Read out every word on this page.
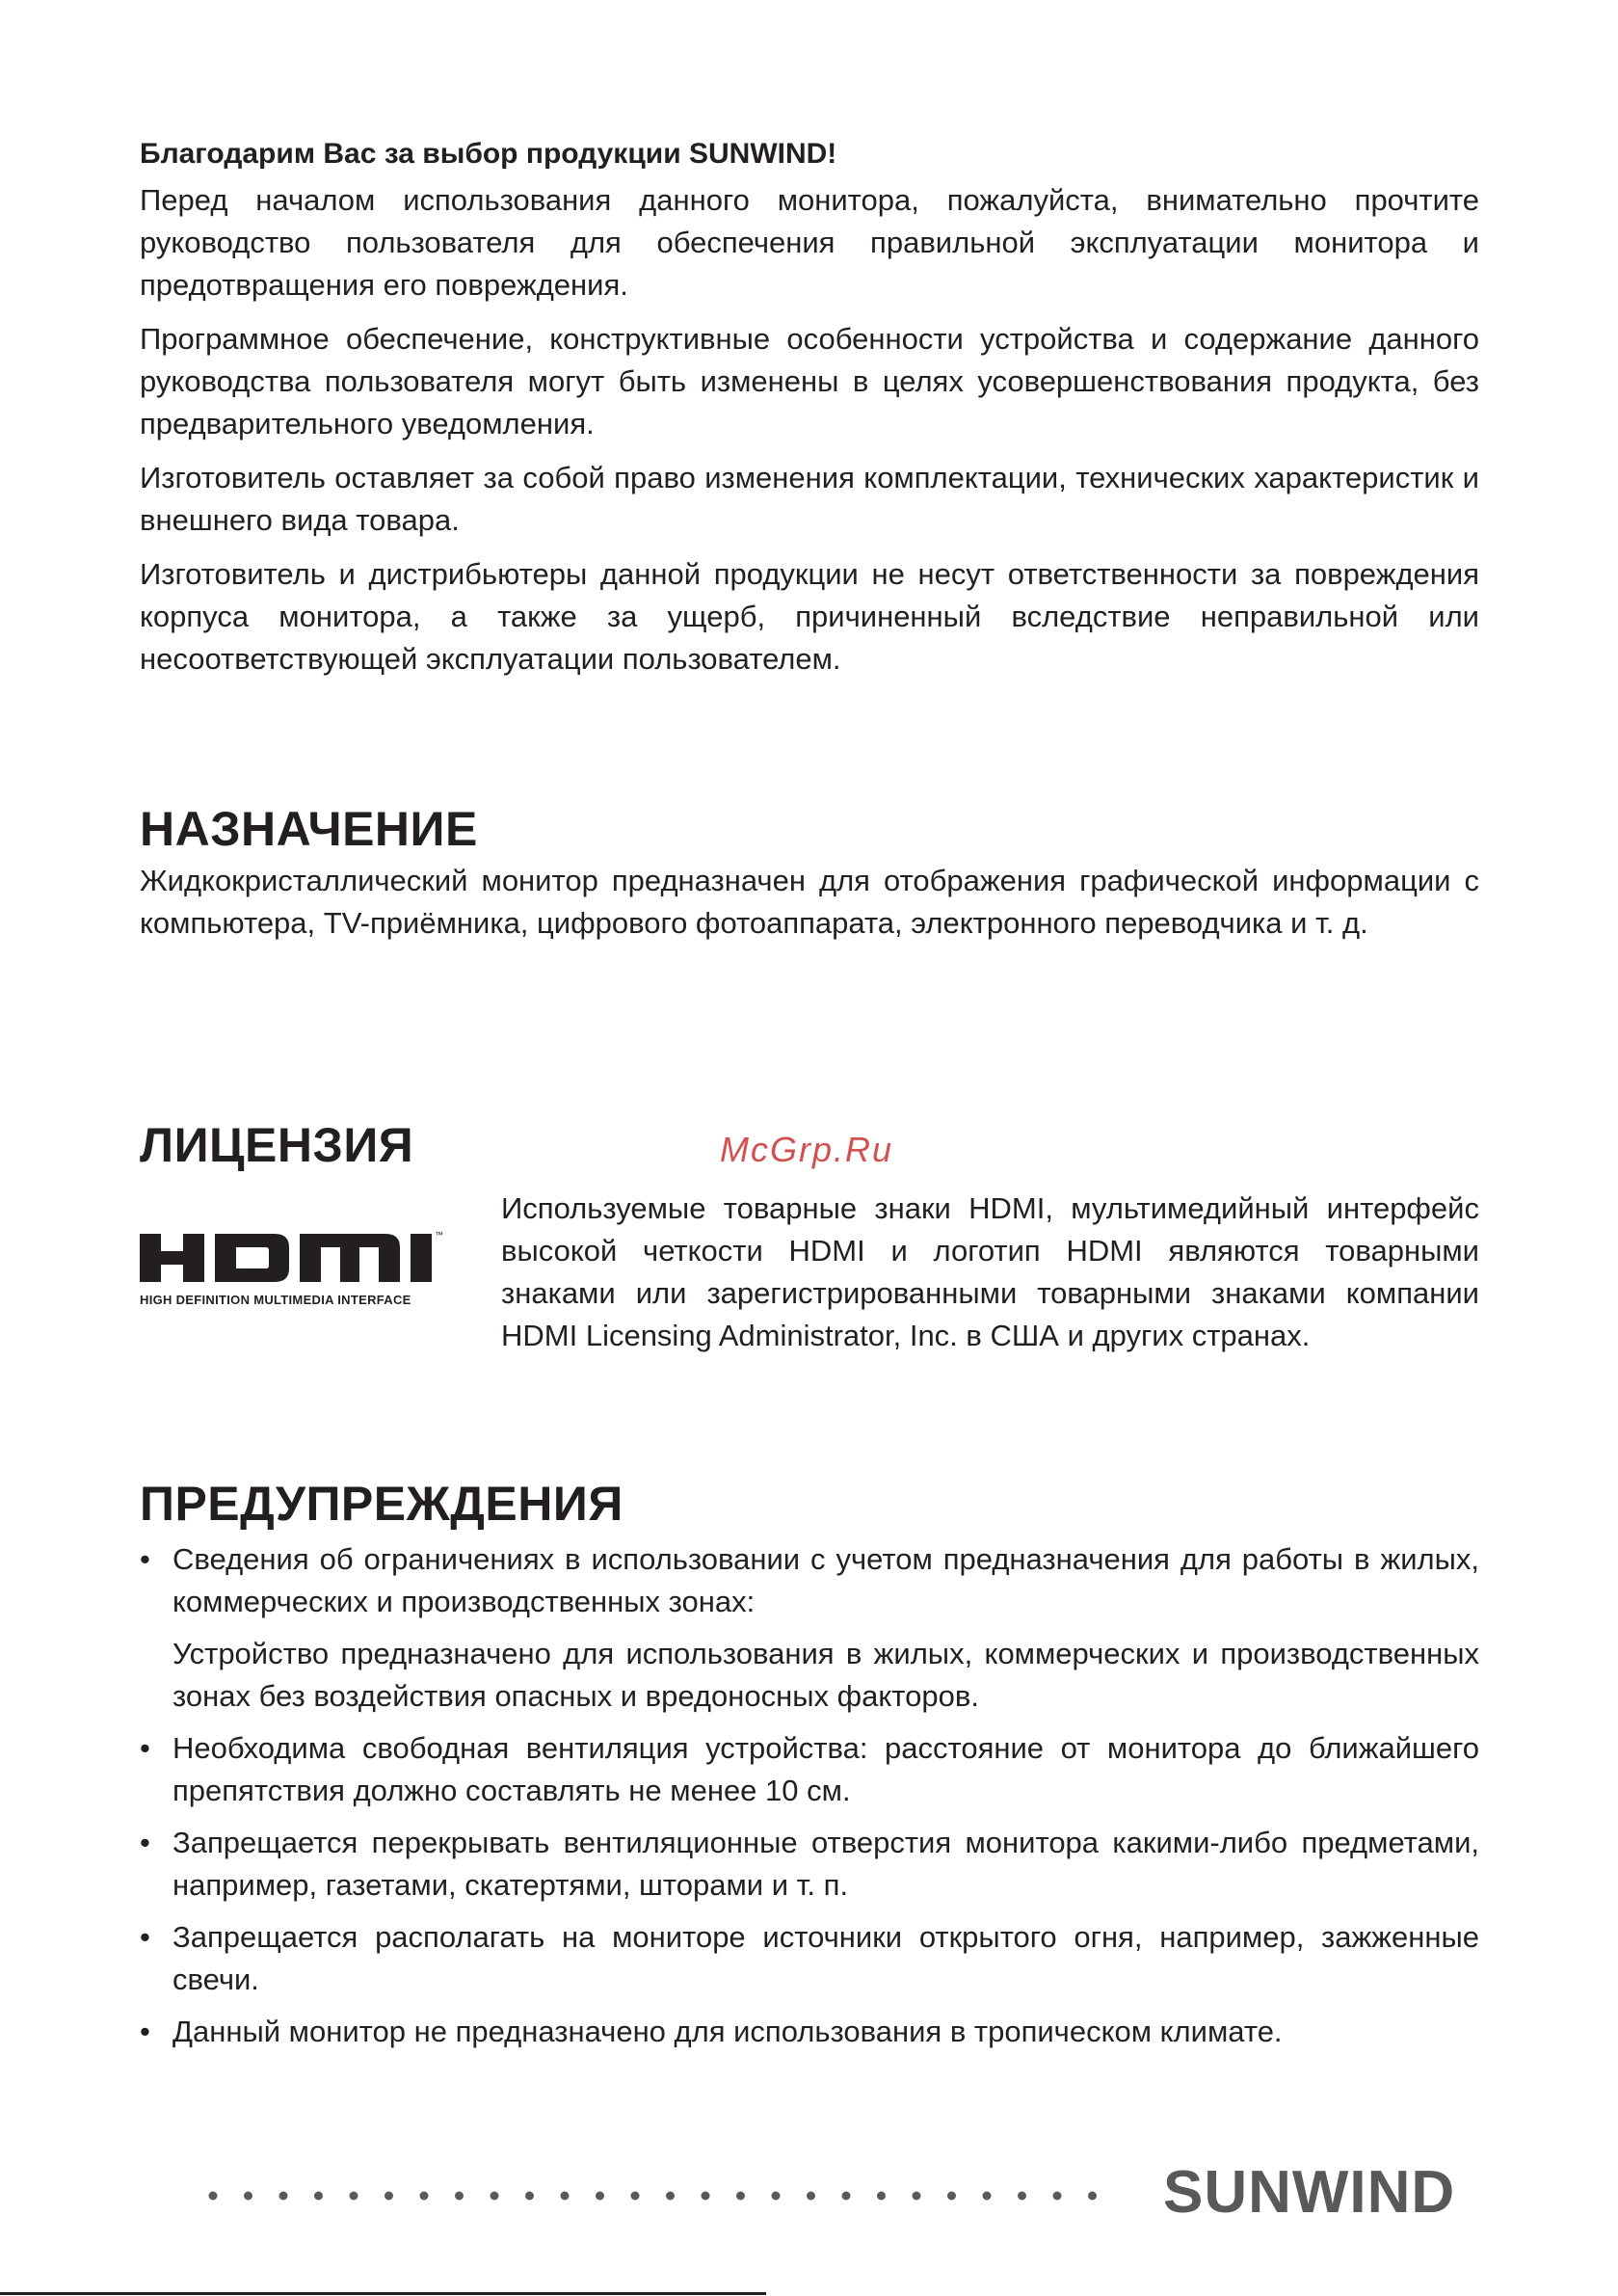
Благодарим Вас за выбор продукции SUNWIND!

Перед началом использования данного монитора, пожалуйста, внимательно прочтите руководство пользователя для обеспечения правильной эксплуатации монитора и предотвращения его повреждения.

Программное обеспечение, конструктивные особенности устройства и содержание данного руководства пользователя могут быть изменены в целях усовершенствования продукта, без предварительного уведомления.

Изготовитель оставляет за собой право изменения комплектации, технических характеристик и внешнего вида товара.

Изготовитель и дистрибьютеры данной продукции не несут ответственности за повреждения корпуса монитора, а также за ущерб, причиненный вследствие неправильной или несоответствующей эксплуатации пользователем.

НАЗНАЧЕНИЕ

Жидкокристаллический монитор предназначен для отображения графической информации с компьютера, TV-приёмника, цифрового фотоаппарата, электронного переводчика и т. д.

ЛИЦЕНЗИЯ	McGrp.Ru
™
HIGH DEFINITION MULTIMEDIA INTERFACE

Используемые товарные знаки HDMI, мультимедийный интерфейс высокой четкости HDMI и логотип HDMI являются товарными знаками или зарегистрированными товарными знаками компании HDMI Licensing Administrator, Inc. в США и других странах.

ПРЕДУПРЕЖДЕНИЯ

• Сведения об ограничениях в использовании с учетом предназначения для работы в жилых, коммерческих и производственных зонах:

Устройство предназначено для использования в жилых, коммерческих и производственных зонах без воздействия опасных и вредоносных факторов.

• Необходима свободная вентиляция устройства: расстояние от монитора до ближайшего препятствия должно составлять не менее 10 см.
• Запрещается перекрывать вентиляционные отверстия монитора какими-либо предметами, например, газетами, скатертями, шторами и т. п.
• Запрещается располагать на мониторе источники открытого огня, например, зажженные свечи.
• Данный монитор не предназначено для использования в тропическом климате.
SUNWIND
